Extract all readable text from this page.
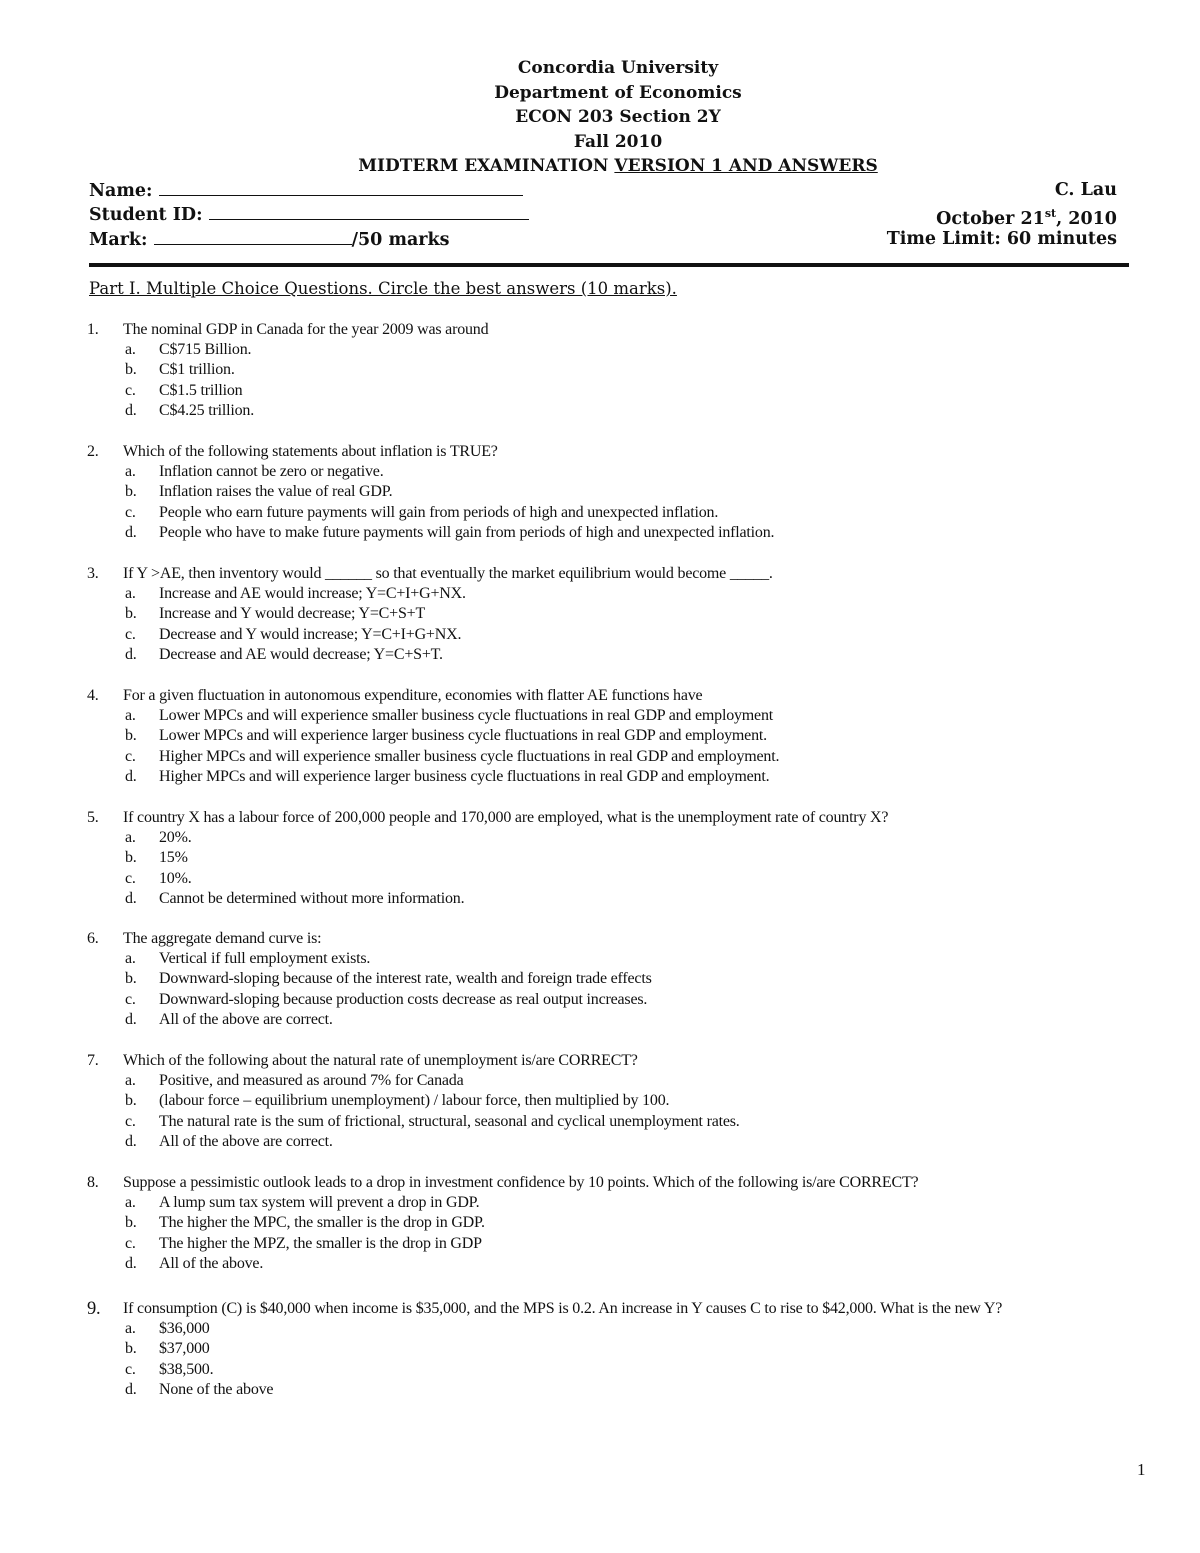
Concordia University
Department of Economics
ECON 203 Section 2Y
Fall 2010
MIDTERM EXAMINATION VERSION 1 AND ANSWERS
Name:	C. Lau
Student ID:	October 21st, 2010
Mark:	/50 marks	Time Limit: 60 minutes
Part I. Multiple Choice Questions. Circle the best answers (10 marks).
1. The nominal GDP in Canada for the year 2009 was around
a. C$715 Billion.
b. C$1 trillion.
c. C$1.5 trillion
d. C$4.25 trillion.
2. Which of the following statements about inflation is TRUE?
a. Inflation cannot be zero or negative.
b. Inflation raises the value of real GDP.
c. People who earn future payments will gain from periods of high and unexpected inflation.
d. People who have to make future payments will gain from periods of high and unexpected inflation.
3. If Y >AE, then inventory would ______ so that eventually the market equilibrium would become _____.
a. Increase and AE would increase; Y=C+I+G+NX.
b. Increase and Y would decrease; Y=C+S+T
c. Decrease and Y would increase; Y=C+I+G+NX.
d. Decrease and AE would decrease; Y=C+S+T.
4. For a given fluctuation in autonomous expenditure, economies with flatter AE functions have
a. Lower MPCs and will experience smaller business cycle fluctuations in real GDP and employment
b. Lower MPCs and will experience larger business cycle fluctuations in real GDP and employment.
c. Higher MPCs and will experience smaller business cycle fluctuations in real GDP and employment.
d. Higher MPCs and will experience larger business cycle fluctuations in real GDP and employment.
5. If country X has a labour force of 200,000 people and 170,000 are employed, what is the unemployment rate of country X?
a. 20%.
b. 15%
c. 10%.
d. Cannot be determined without more information.
6. The aggregate demand curve is:
a. Vertical if full employment exists.
b. Downward-sloping because of the interest rate, wealth and foreign trade effects
c. Downward-sloping because production costs decrease as real output increases.
d. All of the above are correct.
7. Which of the following about the natural rate of unemployment is/are CORRECT?
a. Positive, and measured as around 7% for Canada
b. (labour force – equilibrium unemployment) / labour force, then multiplied by 100.
c. The natural rate is the sum of frictional, structural, seasonal and cyclical unemployment rates.
d. All of the above are correct.
8. Suppose a pessimistic outlook leads to a drop in investment confidence by 10 points. Which of the following is/are CORRECT?
a. A lump sum tax system will prevent a drop in GDP.
b. The higher the MPC, the smaller is the drop in GDP.
c. The higher the MPZ, the smaller is the drop in GDP
d. All of the above.
9. If consumption (C) is $40,000 when income is $35,000, and the MPS is 0.2. An increase in Y causes C to rise to $42,000. What is the new Y?
a. $36,000
b. $37,000
c. $38,500.
d. None of the above
1
